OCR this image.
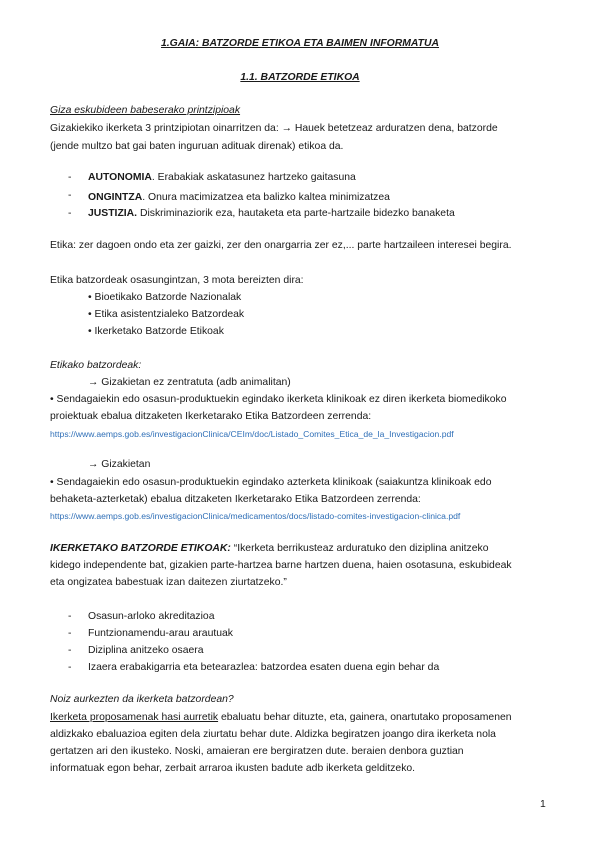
1.GAIA: BATZORDE ETIKOA ETA BAIMEN INFORMATUA
1.1. BATZORDE ETIKOA
Giza eskubideen babeserako printzipioak
Gizakiekiko ikerketa 3 printzipiotan oinarritzen da: → Hauek betetzeaz arduratzen dena, batzorde
(jende multzo bat gai baten inguruan adituak direnak) etikoa da.
- AUTONOMIA. Erabakiak askatasunez hartzeko gaitasuna
- ONGINTZA. Onura maꞇimizatzea eta balizko kaltea minimizatzea
- JUSTIZIA. Diskriminaziorik eza, hautaketa eta parte-hartzaile bidezko banaketa
Etika: zer dagoen ondo eta zer gaizki, zer den onargarria zer ez,... parte hartzaileen interesei begira.
Etika batzordeak osasungintzan, 3 mota bereizten dira:
• Bioetikako Batzorde Nazionalak
• Etika asistentzialeko Batzordeak
• Ikerketako Batzorde Etikoak
Etikako batzordeak:
→ Gizakietan ez zentratuta (adb animalitan)
• Sendagaiekin edo osasun-produktuekin egindako ikerketa klinikoak ez diren ikerketa biomedikoko
proiektuak ebalua ditzaketen Ikerketarako Etika Batzordeen zerrenda:
https://www.aemps.gob.es/investigacionClinica/CEIm/doc/Listado_Comites_Etica_de_la_Investigacion.pdf
→ Gizakietan
• Sendagaiekin edo osasun-produktuekin egindako azterketa klinikoak (saiakuntza klinikoak edo
behaketa-azterketak) ebalua ditzaketen Ikerketarako Etika Batzordeen zerrenda:
https://www.aemps.gob.es/investigacionClinica/medicamentos/docs/listado-comites-investigacion-clinica.pdf
IKERKETAKO BATZORDE ETIKOAK: “Ikerketa berrikusteaz arduratuko den diziplina anitzeko
kidego independente bat, gizakien parte-hartzea barne hartzen duena, haien osotasuna, eskubideak
eta ongizatea babestuak izan daitezen ziurtatzeko.”
- Osasun-arloko akreditazioa
- Funtzionamendu-arau arautuak
- Diziplina anitzeko osaera
- Izaera erabakigarria eta betearazlea: batzordea esaten duena egin behar da
Noiz aurkezten da ikerketa batzordean?
Ikerketa proposamenak hasi aurretik ebaluatu behar dituzte, eta, gainera, onartutako proposamenen
aldizkako ebaluazioa egiten dela ziurtatu behar dute. Aldizka begiratzen joango dira ikerketa nola
gertatzen ari den ikusteko. Noski, amaieran ere bergiratzen dute. beraien denbora guztian
informatuak egon behar, zerbait arraroa ikusten badute adb ikerketa gelditzeko.
1
